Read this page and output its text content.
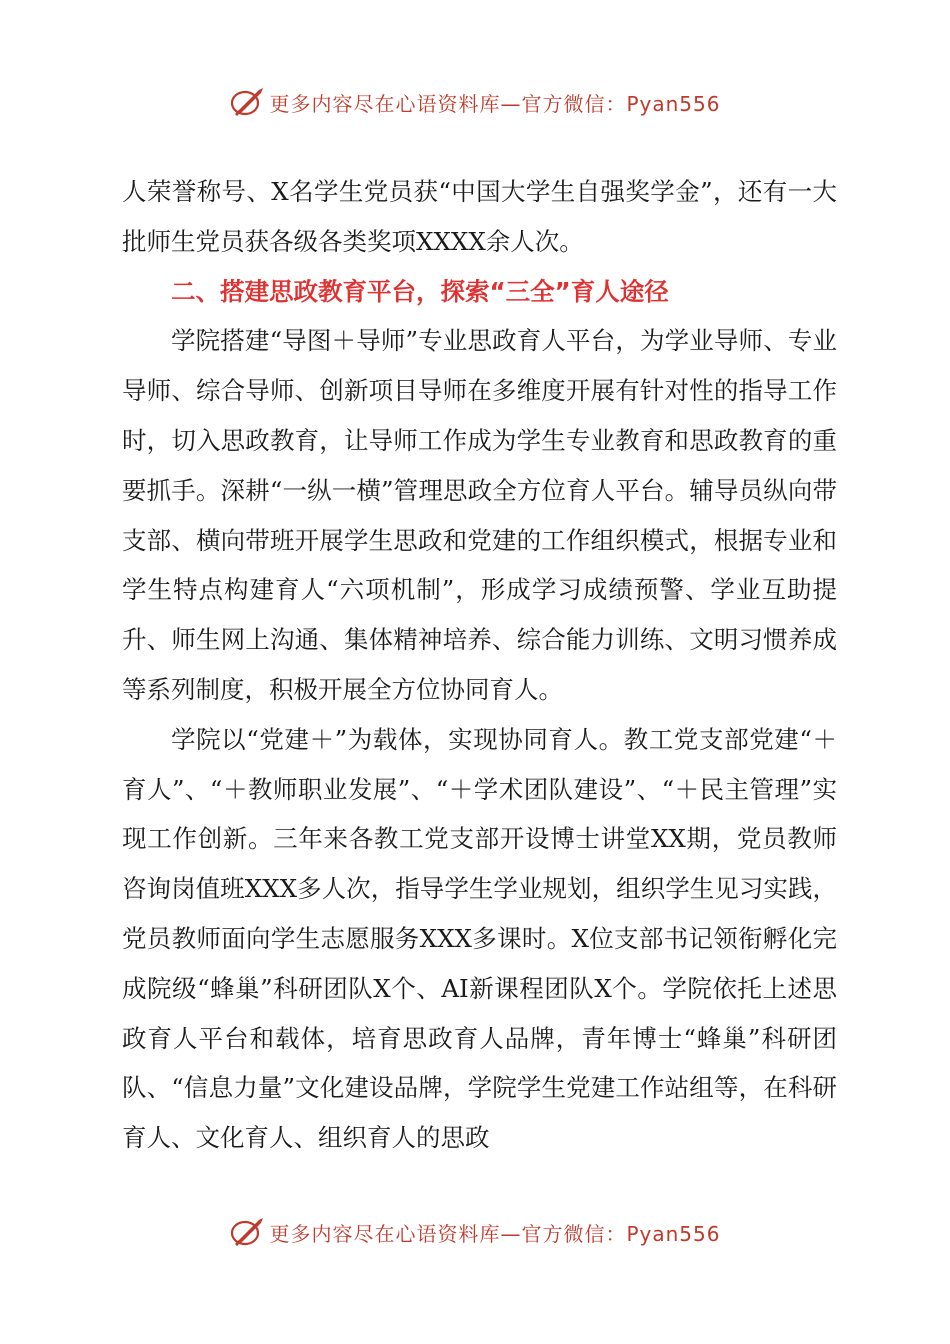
更多内容尽在心语资料库—官方微信：Pyan556

人荣誉称号、X名学生党员获“中国大学生自强奖学金”，还有一大批师生党员获各级各类奖项XXXX余人次。

二、搭建思政教育平台，探索“三全”育人途径

学院搭建“导图＋导师”专业思政育人平台，为学业导师、专业导师、综合导师、创新项目导师在多维度开展有针对性的指导工作时，切入思政教育，让导师工作成为学生专业教育和思政教育的重要抓手。深耕“一纵一横”管理思政全方位育人平台。辅导员纵向带支部、横向带班开展学生思政和党建的工作组织模式，根据专业和学生特点构建育人“六项机制”，形成学习成绩预警、学业互助提升、师生网上沟通、集体精神培养、综合能力训练、文明习惯养成等系列制度，积极开展全方位协同育人。

学院以“党建＋”为载体，实现协同育人。教工党支部党建“＋育人”、“＋教师职业发展”、“＋学术团队建设”、“＋民主管理”实现工作创新。三年来各教工党支部开设博士讲堂XX期，党员教师咨询岗值班XXX多人次，指导学生学业规划，组织学生见习实践，党员教师面向学生志愿服务XXX多课时。X位支部书记领衔孵化完成院级“蜂巢”科研团队X个、AI新课程团队X个。学院依托上述思政育人平台和载体，培育思政育人品牌，青年博士“蜂巢”科研团队、“信息力量”文化建设品牌，学院学生党建工作站组等，在科研育人、文化育人、组织育人的思政

更多内容尽在心语资料库—官方微信：Pyan556
